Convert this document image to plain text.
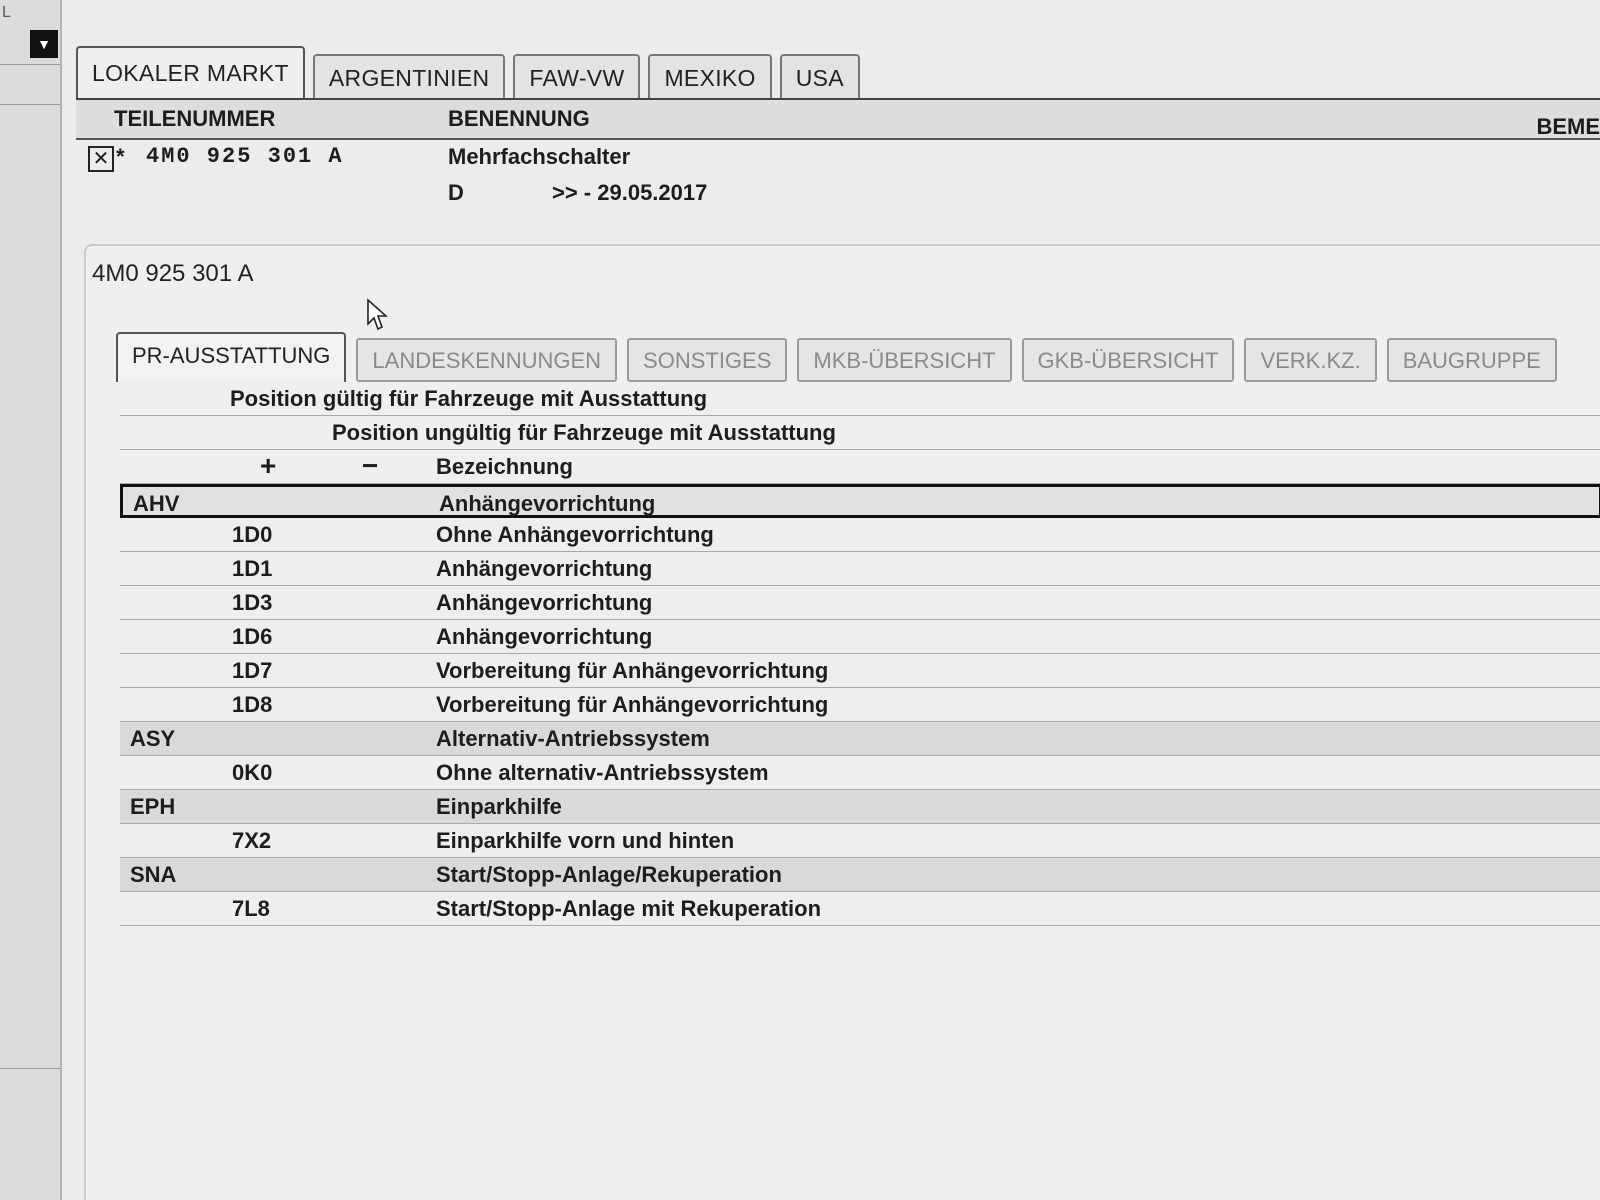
L
▼
LOKALER MARKT	ARGENTINIEN	FAW-VW	MEXIKO	USA
TEILENUMMER	BENENNUNG	BEME
✕ * 4M0 925 301 A	Mehrfachschalter
D	>> - 29.05.2017
4M0 925 301 A
PR-AUSSTATTUNG	LANDESKENNUNGEN	SONSTIGES	MKB-ÜBERSICHT	GKB-ÜBERSICHT	VERK.KZ.	BAUGRUPPE
Position gültig für Fahrzeuge mit Ausstattung
Position ungültig für Fahrzeuge mit Ausstattung
+	−	Bezeichnung
AHV	Anhängevorrichtung
1D0	Ohne Anhängevorrichtung
1D1	Anhängevorrichtung
1D3	Anhängevorrichtung
1D6	Anhängevorrichtung
1D7	Vorbereitung für Anhängevorrichtung
1D8	Vorbereitung für Anhängevorrichtung
ASY	Alternativ-Antriebssystem
0K0	Ohne alternativ-Antriebssystem
EPH	Einparkhilfe
7X2	Einparkhilfe vorn und hinten
SNA	Start/Stopp-Anlage/Rekuperation
7L8	Start/Stopp-Anlage mit Rekuperation
